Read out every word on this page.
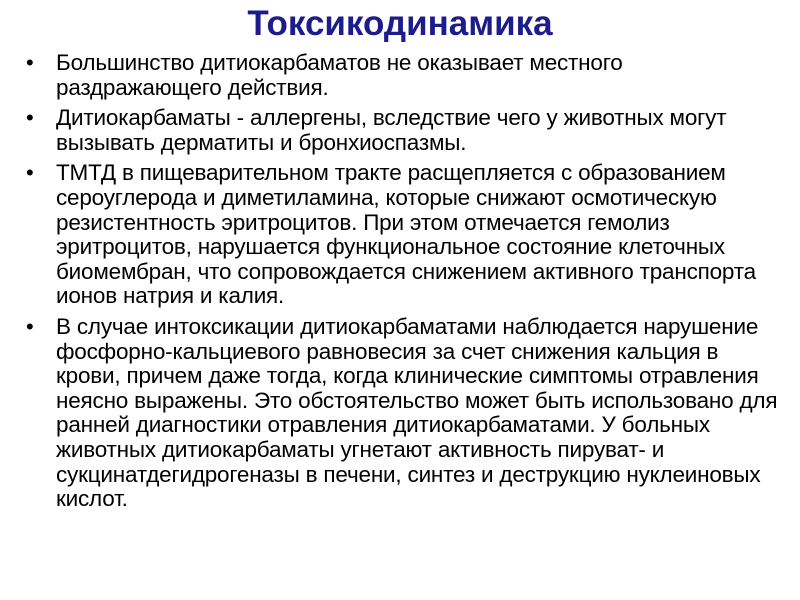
Токсикодинамика
• Большинство дитиокарбаматов не оказывает местного раздражающего действия.
• Дитиокарбаматы - аллергены, вследствие чего у животных могут вызывать дерматиты и бронхиоспазмы.
• ТМТД в пищеварительном тракте расщепляется с образованием сероуглерода и диметиламина, которые снижают осмотическую резистентность эритроцитов. При этом отмечается гемолиз эритроцитов, нарушается функциональное состояние клеточных биомембран, что сопровождается снижением активного транспорта ионов натрия и калия.
• В случае интоксикации дитиокарбаматами наблюдается нарушение фосфорно-кальциевого равновесия за счет снижения кальция в крови, причем даже тогда, когда клинические симптомы отравления неясно выражены. Это обстоятельство может быть использовано для ранней диагностики отравления дитиокарбаматами. У больных животных дитиокарбаматы угнетают активность пируват- и сукцинатдегидрогеназы в печени, синтез и деструкцию нуклеиновых кислот.
